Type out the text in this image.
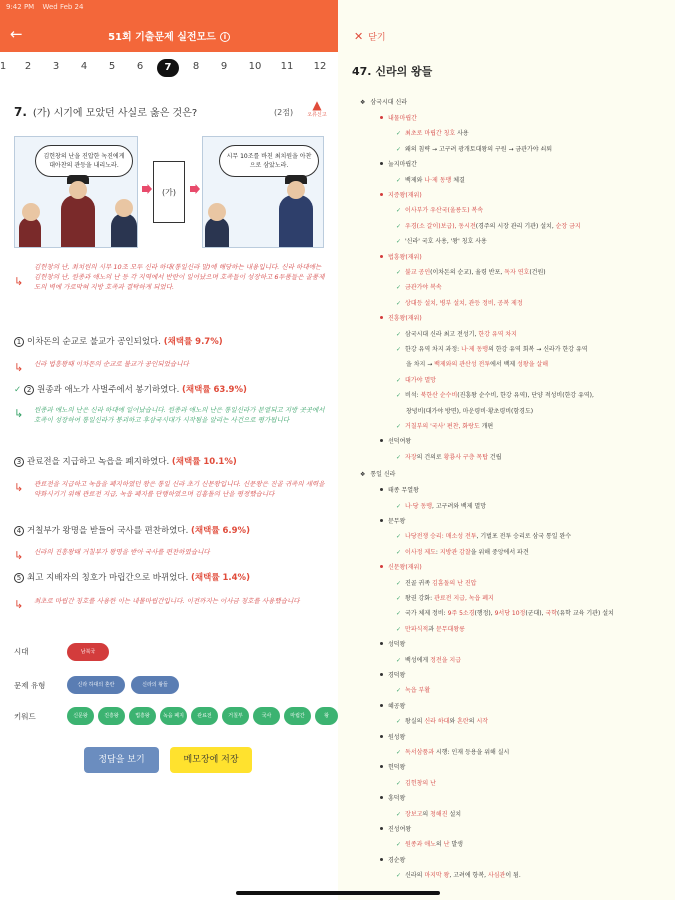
9:42 PM Wed Feb 24
←	51회 기출문제 실전모드 i
1	2	3	4	5	6	7	8	9	10	11	12
7. (가) 시기에 모았던 사실로 옳은 것은?	(2점)
▲
오류신고
김헌창의 난을 진압한 녹진에게 대아찬의 관등을 내리노라.
(가)
시무 10조를 바친 최치원을 아찬으로 삼았노라.
↳
김헌창의 난, 최치원의 시무 10조 모두 신라 하대(통일신라 말)에 해당하는 내용입니다. 신라 하대에는 김헌창의 난, 원종과 애노의 난 등 각 지역에서 반란이 일어났으며 호족들이 성장하고 6두품들은 골품제도의 벽에 가로막혀 지방 호족과 결탁하게 되었다.
1 이차돈의 순교로 불교가 공인되었다. (채택률 9.7%)
↳ 신라 법흥왕때 이차돈의 순교로 불교가 공인되었습니다
✓ 2 원종과 애노가 사벌주에서 봉기하였다. (채택률 63.9%)
↳ 원종과 애노의 난은 신라 하대에 일어났습니다. 원종과 애노의 난은 통일신라가 분열되고 지방 곳곳에서 호족이 성장하여 통일신라가 붕괴하고 후삼국시대가 시작됨을 알리는 사건으로 평가됩니다
3 관료전을 지급하고 녹읍을 폐지하였다. (채택률 10.1%)
↳ 관료전을 지급하고 녹읍을 폐지하였던 왕은 통일 신라 초기 신문왕입니다. 신문왕은 진골 귀족의 세력을 약화시키기 위해 관료전 지급, 녹읍 폐지를 단행하였으며 김흠돌의 난을 평정했습니다
4 거칠부가 왕명을 받들어 국사를 편찬하였다. (채택률 6.9%)
↳ 신라의 진흥왕때 거칠부가 왕명을 받아 국사를 편찬하였습니다
5 최고 지배자의 칭호가 마립간으로 바뀌었다. (채택률 1.4%)
↳ 최초로 마립간 칭호를 사용한 이는 내물마립간입니다. 이전까지는 이사금 칭호를 사용했습니다
시대	남북국
문제 유형	신라 하대의 혼란	신라의 왕들
키워드	신문왕	진흥왕	법흥왕	녹읍 폐지	관료전	거칠부	국사	마립간	왕
정답을 보기	메모장에 저장
✕ 닫기
47. 신라의 왕들
❖ 삼국시대 신라
내물마립간
✓ 최초로 마립간 칭호 사용
✓ 왜의 침략 → 고구려 광개토대왕의 구원 → 금관가야 쇠퇴
눌지마립간
✓ 백제와 나·제 동맹 체결
지증왕(재위)
✓ 이사부가 우산국(울릉도) 복속
✓ 우경(소 갈이)보급), 동시전(경주의 시장 관리 기관) 설치, 순장 금지
✓ '신라' 국호 사용, '왕' 칭호 사용
법흥왕(재위)
✓ 불교 공인(이차돈의 순교), 율령 반포, 독자 연호(건원)
✓ 금관가야 복속
✓ 상대등 설치, 병부 설치, 관등 정비, 공복 제정
진흥왕(재위)
✓ 삼국시대 신라 최고 전성기, 한강 유역 차지
✓ 한강 유역 차지 과정: 나·제 동맹의 한강 유역 회복 → 신라가 한강 유역
을 차지 → 백제와의 관산성 전투에서 백제 성왕을 살해
✓ 대가야 멸망
✓ 비석: 북한산 순수비(진흥왕 순수비, 한강 유역), 단양 적성비(한강 유역),
창녕비(대가야 방면), 마운령비·황초령비(함경도)
✓ 거칠부의 '국사' 편찬, 화랑도 개편
선덕여왕
✓ 자장의 건의로 황룡사 구층 목탑 건립
❖ 통일 신라
태종 무열왕
✓ 나·당 동맹, 고구려와 백제 멸망
문무왕
✓ 나당전쟁 승리: 매소성 전투, 기벌포 전투 승리로 삼국 통일 완수
✓ 이사정 제도: 지방관 감찰을 위해 중앙에서 파견
신문왕(재위)
✓ 진골 귀족 김흠돌의 난 진압
✓ 왕권 강화: 관료전 지급, 녹읍 폐지
✓ 국가 체제 정비: 9주 5소경(행정), 9서당 10정(군대), 국학(유학 교육 기관) 설치
✓ 만파식적과 문무대왕릉
성덕왕
✓ 백성에게 정전을 지급
경덕왕
✓ 녹읍 부활
혜공왕
✓ 왕실의 신라 하대와 혼란의 시작
원성왕
✓ 독서삼품과 시행: 인재 등용을 위해 실시
헌덕왕
✓ 김헌창의 난
흥덕왕
✓ 장보고의 청해진 설치
진성여왕
✓ 원종과 애노의 난 발생
경순왕
✓ 신라의 마지막 왕, 고려에 항복, 사심관이 됨.
